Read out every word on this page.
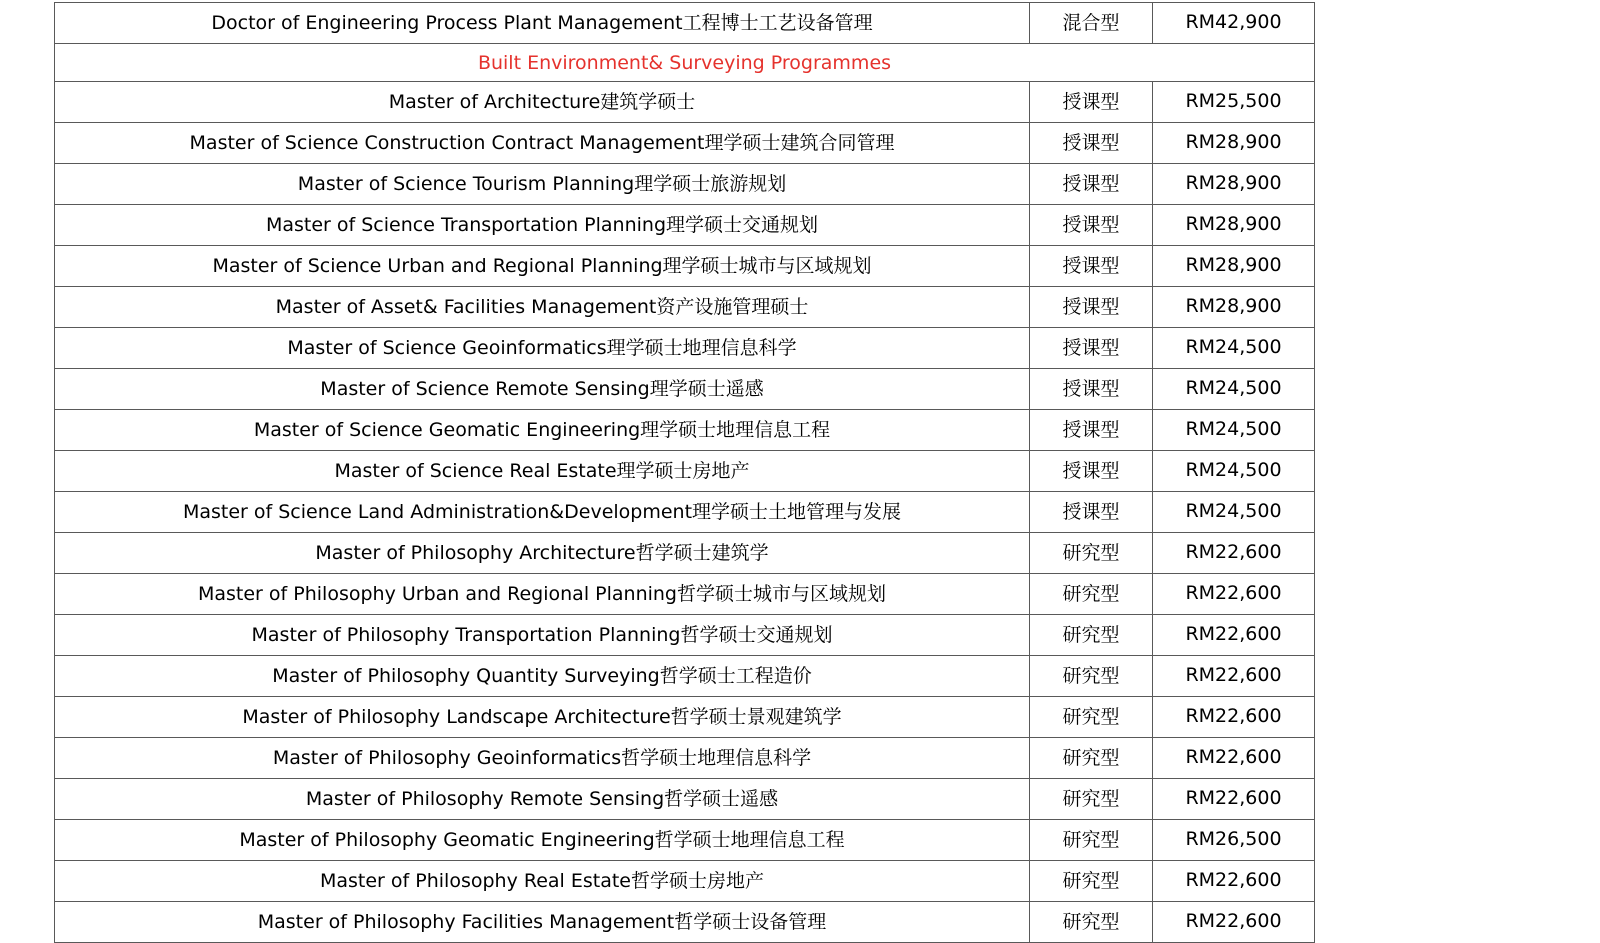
Doctor of Engineering Process Plant Management工程博士工艺设备管理	混合型	RM42,900
Built Environment& Surveying Programmes		
Master of Architecture建筑学硕士	授课型	RM25,500
Master of Science Construction Contract Management理学硕士建筑合同管理	授课型	RM28,900
Master of Science Tourism Planning理学硕士旅游规划	授课型	RM28,900
Master of Science Transportation Planning理学硕士交通规划	授课型	RM28,900
Master of Science Urban and Regional Planning理学硕士城市与区域规划	授课型	RM28,900
Master of Asset& Facilities Management资产设施管理硕士	授课型	RM28,900
Master of Science Geoinformatics理学硕士地理信息科学	授课型	RM24,500
Master of Science Remote Sensing理学硕士遥感	授课型	RM24,500
Master of Science Geomatic Engineering理学硕士地理信息工程	授课型	RM24,500
Master of Science Real Estate理学硕士房地产	授课型	RM24,500
Master of Science Land Administration&Development理学硕士土地管理与发展	授课型	RM24,500
Master of Philosophy Architecture哲学硕士建筑学	研究型	RM22,600
Master of Philosophy Urban and Regional Planning哲学硕士城市与区域规划	研究型	RM22,600
Master of Philosophy Transportation Planning哲学硕士交通规划	研究型	RM22,600
Master of Philosophy Quantity Surveying哲学硕士工程造价	研究型	RM22,600
Master of Philosophy Landscape Architecture哲学硕士景观建筑学	研究型	RM22,600
Master of Philosophy Geoinformatics哲学硕士地理信息科学	研究型	RM22,600
Master of Philosophy Remote Sensing哲学硕士遥感	研究型	RM22,600
Master of Philosophy Geomatic Engineering哲学硕士地理信息工程	研究型	RM26,500
Master of Philosophy Real Estate哲学硕士房地产	研究型	RM22,600
Master of Philosophy Facilities Management哲学硕士设备管理	研究型	RM22,600
